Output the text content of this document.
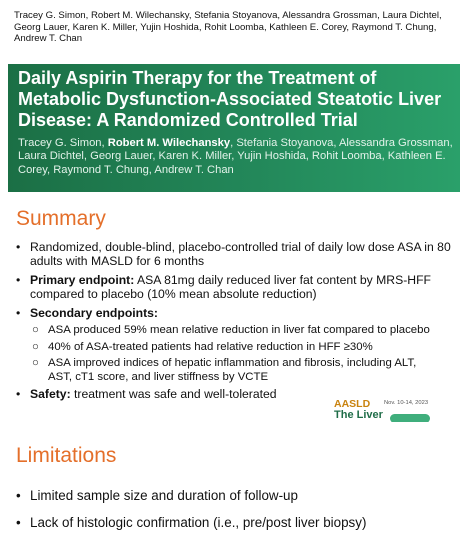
Tracey G. Simon, Robert M. Wilechansky, Stefania Stoyanova, Alessandra Grossman, Laura Dichtel, Georg Lauer, Karen K. Miller, Yujin Hoshida, Rohit Loomba, Kathleen E. Corey, Raymond T. Chung, Andrew T. Chan
Daily Aspirin Therapy for the Treatment of Metabolic Dysfunction-Associated Steatotic Liver Disease: A Randomized Controlled Trial
Tracey G. Simon, Robert M. Wilechansky, Stefania Stoyanova, Alessandra Grossman, Laura Dichtel, Georg Lauer, Karen K. Miller, Yujin Hoshida, Rohit Loomba, Kathleen E. Corey, Raymond T. Chung, Andrew T. Chan
Summary
• Randomized, double-blind, placebo-controlled trial of daily low dose ASA in 80 adults with MASLD for 6 months
• Primary endpoint: ASA 81mg daily reduced liver fat content by MRS-HFF compared to placebo (10% mean absolute reduction)
• Secondary endpoints:
○ ASA produced 59% mean relative reduction in liver fat compared to placebo
○ 40% of ASA-treated patients had relative reduction in HFF ≥30%
○ ASA improved indices of hepatic inflammation and fibrosis, including ALT, AST, cT1 score, and liver stiffness by VCTE
• Safety: treatment was safe and well-tolerated
AASLD Nov. 10-14, 2023
The Liver
Limitations
• Limited sample size and duration of follow-up
• Lack of histologic confirmation (i.e., pre/post liver biopsy)
